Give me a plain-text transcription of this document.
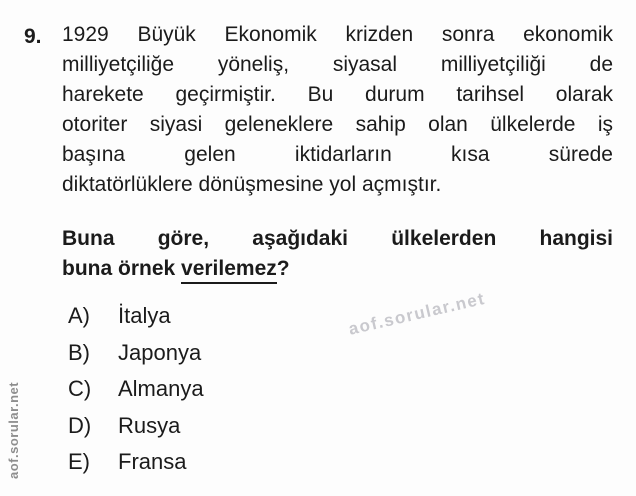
9. 1929 Büyük Ekonomik krizden sonra ekonomik
milliyetçiliğe yöneliş, siyasal milliyetçiliği de
harekete geçirmiştir. Bu durum tarihsel olarak
otoriter siyasi geleneklere sahip olan ülkelerde iş
başına gelen iktidarların kısa sürede
diktatörlüklere dönüşmesine yol açmıştır.
Buna göre, aşağıdaki ülkelerden hangisi
buna örnek verilemez?
A)	İtalya
B)	Japonya
C)	Almanya
D)	Rusya
E)	Fransa
aof.sorular.net
aof.sorular.net
